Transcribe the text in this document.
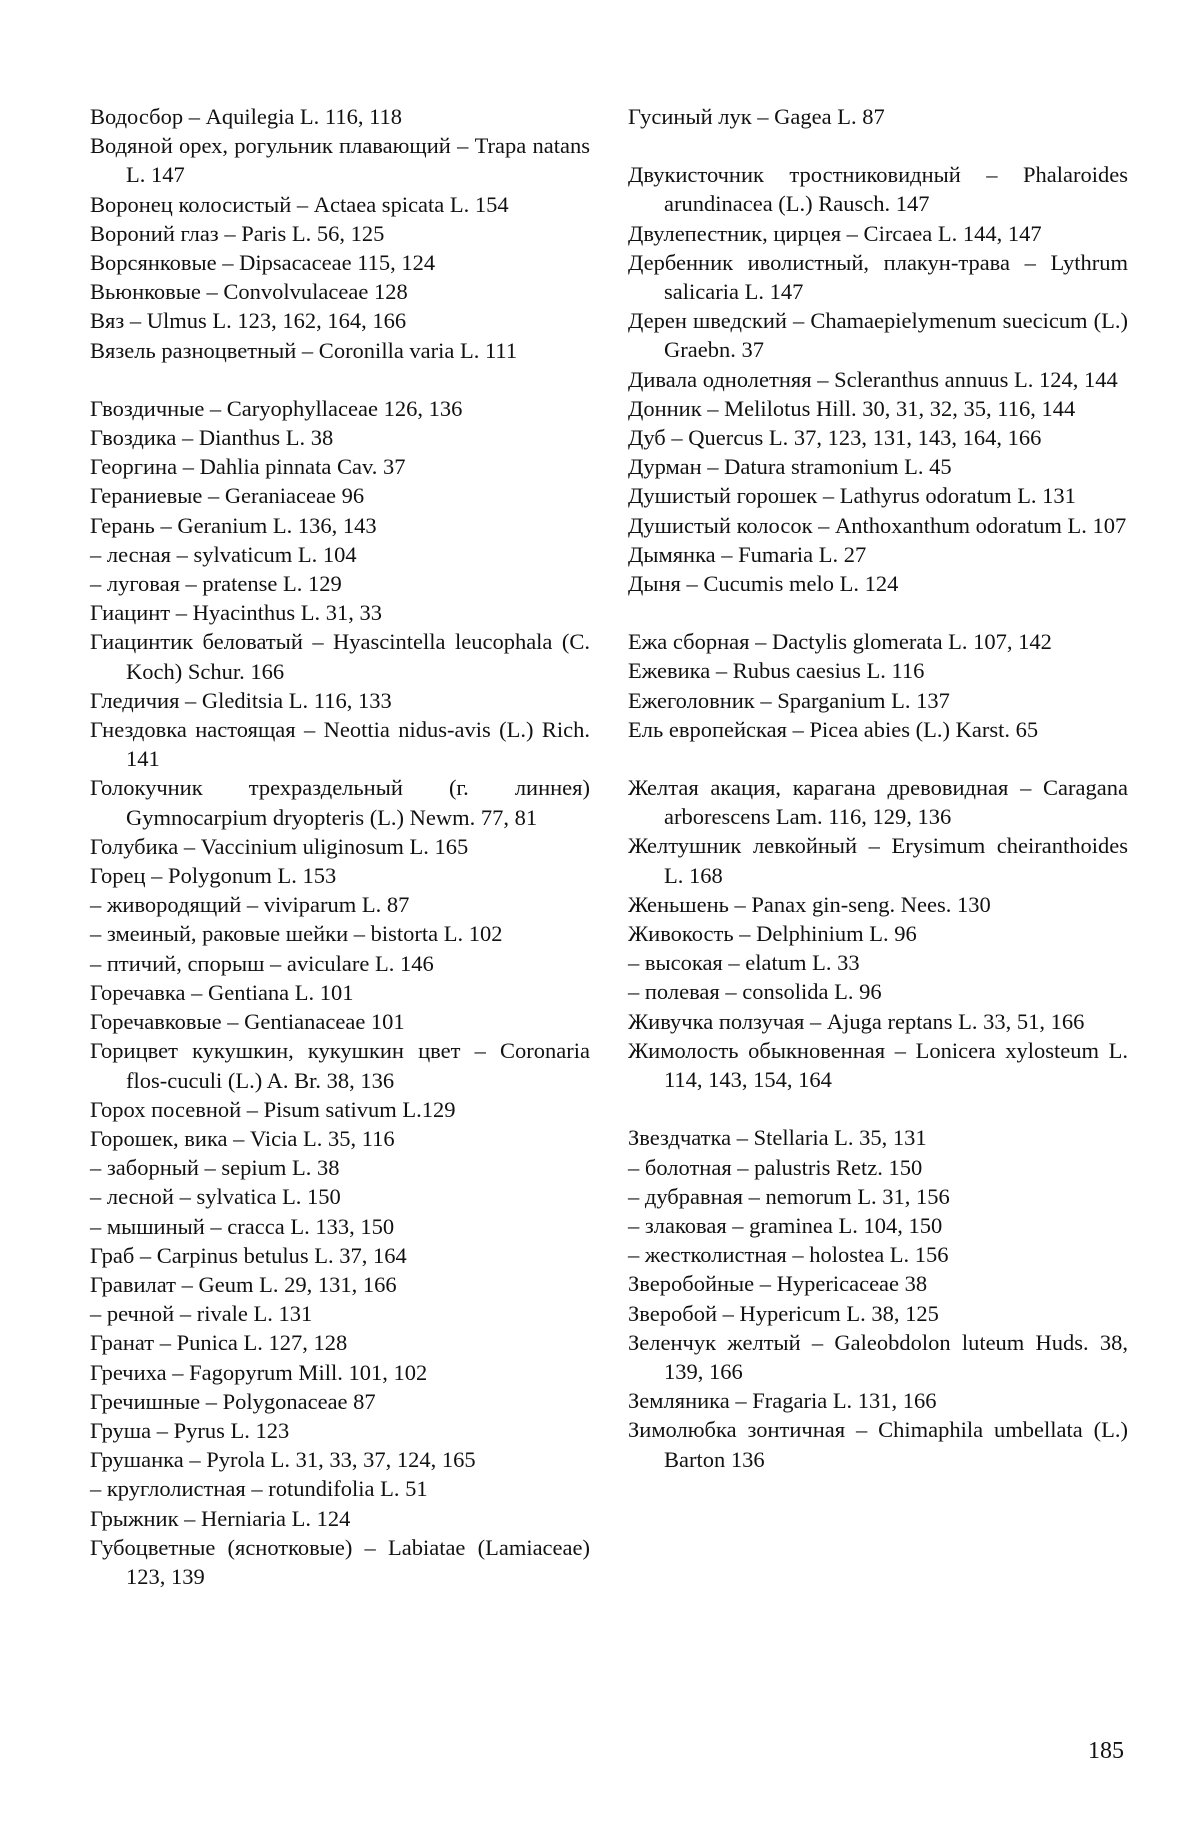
Водосбор – Aquilegia L. 116, 118
Водяной орех, рогульник плавающий – Trapa natans L. 147
Воронец колосистый – Actaea spicata L. 154
Вороний глаз – Paris L. 56, 125
Ворсянковые – Dipsacaceae 115, 124
Вьюнковые – Convolvulaceae 128
Вяз – Ulmus L. 123, 162, 164, 166
Вязель разноцветный – Coronilla varia L. 111
Гвоздичные – Caryophyllaceae 126, 136
Гвоздика – Dianthus L. 38
Георгина – Dahlia pinnata Cav. 37
Гераниевые – Geraniaceae 96
Герань – Geranium L. 136, 143
– лесная – sylvaticum L. 104
– луговая – pratense L. 129
Гиацинт – Hyacinthus L. 31, 33
Гиацинтик беловатый – Hyascintella leucophala (C. Koch) Schur. 166
Гледичия – Gleditsia L. 116, 133
Гнездовка настоящая – Neottia nidus-avis (L.) Rich. 141
Голокучник трехраздельный (г. линнея) Gymnocarpium dryopteris (L.) Newm. 77, 81
Голубика – Vaccinium uliginosum L. 165
Горец – Polygonum L. 153
– живородящий – viviparum L. 87
– змеиный, раковые шейки – bistorta L. 102
– птичий, спорыш – aviculare L. 146
Горечавка – Gentiana L. 101
Горечавковые – Gentianaceae 101
Горицвет кукушкин, кукушкин цвет – Coronaria flos-cuculi (L.) A. Br. 38, 136
Горох посевной – Pisum sativum L.129
Горошек, вика – Vicia L. 35, 116
– заборный – sepium L. 38
– лесной – sylvatica L. 150
– мышиный – cracca L. 133, 150
Граб – Carpinus betulus L. 37, 164
Гравилат – Geum L. 29, 131, 166
– речной – rivale L. 131
Гранат – Punica L. 127, 128
Гречиха – Fagopyrum Mill. 101, 102
Гречишные – Polygonaceae 87
Груша – Pyrus L. 123
Грушанка – Pyrola L. 31, 33, 37, 124, 165
– круглолистная – rotundifolia L. 51
Грыжник – Herniaria L. 124
Губоцветные (яснотковые) – Labiatae (Lamiaceae) 123, 139
Гусиный лук – Gagea L. 87
Двукисточник тростниковидный – Phalaroides arundinacea (L.) Rausch. 147
Двулепестник, цирцея – Circaea L. 144, 147
Дербенник иволистный, плакун-трава – Lythrum salicaria L. 147
Дерен шведский – Chamaepielymenum suecicum (L.) Graebn. 37
Дивала однолетняя – Scleranthus annuus L. 124, 144
Донник – Melilotus Hill. 30, 31, 32, 35, 116, 144
Дуб – Quercus L. 37, 123, 131, 143, 164, 166
Дурман – Datura stramonium L. 45
Душистый горошек – Lathyrus odoratum L. 131
Душистый колосок – Anthoxanthum odoratum L. 107
Дымянка – Fumaria L. 27
Дыня – Cucumis melo L. 124
Ежа сборная – Dactylis glomerata L. 107, 142
Ежевика – Rubus caesius L. 116
Ежеголовник – Sparganium L. 137
Ель европейская – Picea abies (L.) Karst. 65
Желтая акация, карагана древовидная – Caragana arborescens Lam. 116, 129, 136
Желтушник левкойный – Erysimum cheiranthoides L. 168
Женьшень – Panax gin-seng. Nees. 130
Живокость – Delphinium L. 96
– высокая – elatum L. 33
– полевая – consolida L. 96
Живучка ползучая – Ajuga reptans L. 33, 51, 166
Жимолость обыкновенная – Lonicera xylosteum L. 114, 143, 154, 164
Звездчатка – Stellaria L. 35, 131
– болотная – palustris Retz. 150
– дубравная – nemorum L. 31, 156
– злаковая – graminea L. 104, 150
– жестколистная – holostea L. 156
Зверобойные – Hypericaceae 38
Зверобой – Hypericum L. 38, 125
Зеленчук желтый – Galeobdolon luteum Huds. 38, 139, 166
Земляника – Fragaria L. 131, 166
Зимолюбка зонтичная – Chimaphila umbellata (L.) Barton 136
185
